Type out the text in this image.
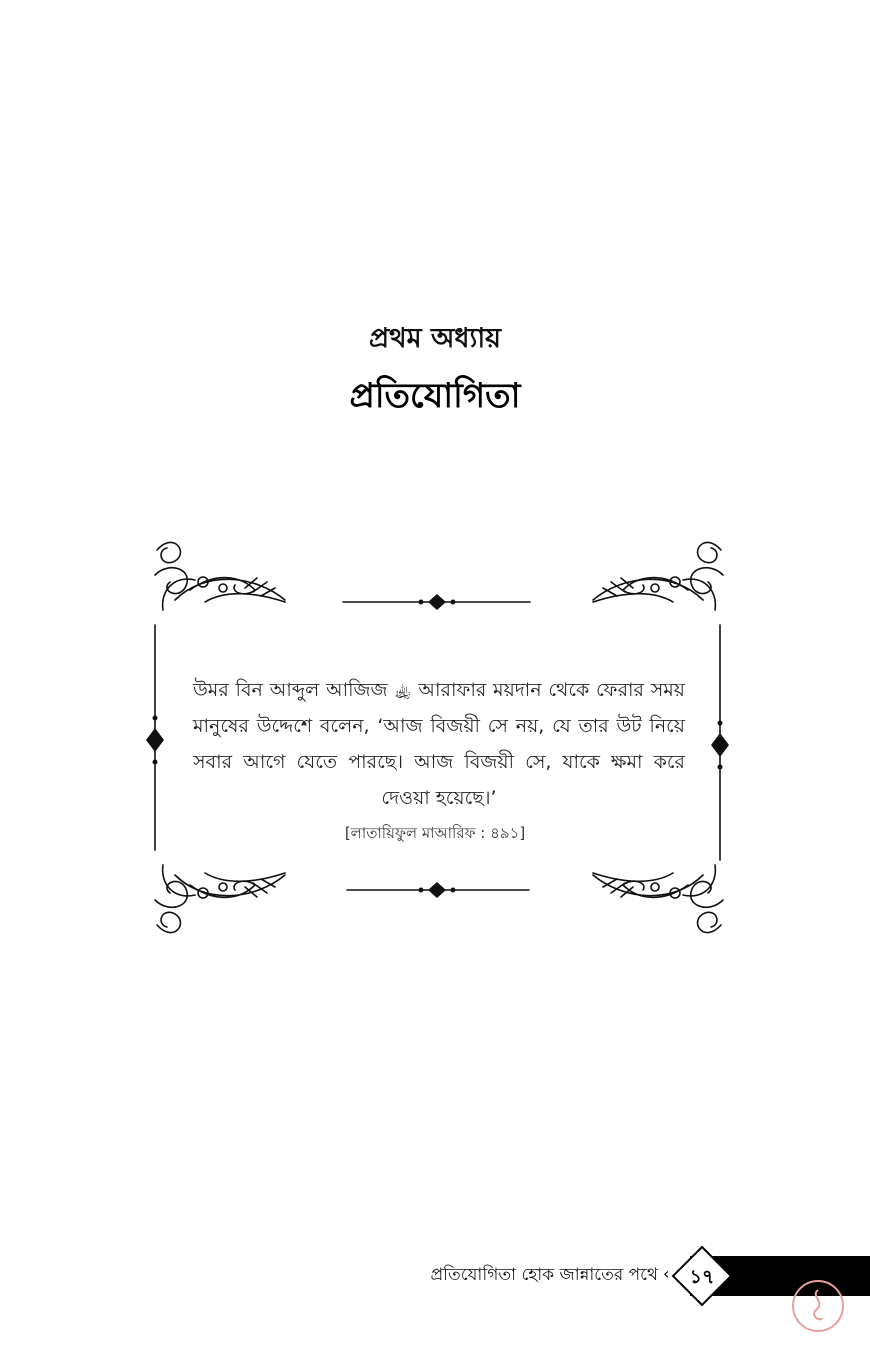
প্রথম অধ্যায়
প্রতিযোগিতা
উমর বিন আব্দুল আজিজ ﵀ আরাফার ময়দান থেকে ফেরার সময় মানুষের উদ্দেশে বলেন, ‘আজ বিজয়ী সে নয়, যে তার উট নিয়ে সবার আগে যেতে পারছে। আজ বিজয়ী সে, যাকে ক্ষমা করে দেওয়া হয়েছে।’
[লাতায়িফুল মাআরিফ : ৪৯১]
প্রতিযোগিতা হোক জান্নাতের পথে ‹	১৭
